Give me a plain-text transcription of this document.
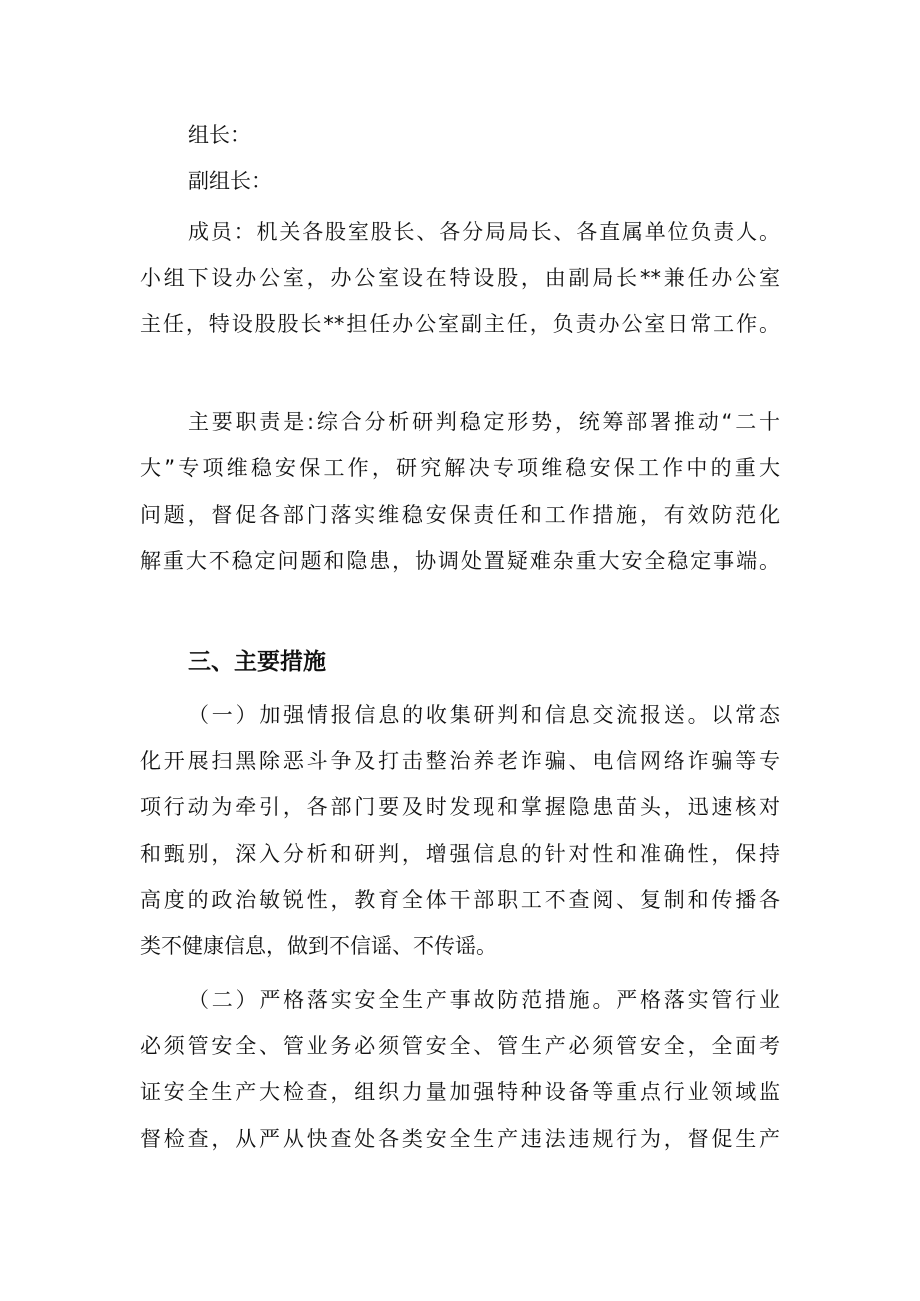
组长：
副组长：
成员：机关各股室股长、各分局局长、各直属单位负责人。
小组下设办公室，办公室设在特设股，由副局长**兼任办公室
主任，特设股股长**担任办公室副主任，负责办公室日常工作。
主要职责是:综合分析研判稳定形势，统筹部署推动“二十
大”专项维稳安保工作，研究解决专项维稳安保工作中的重大
问题，督促各部门落实维稳安保责任和工作措施，有效防范化
解重大不稳定问题和隐患，协调处置疑难杂重大安全稳定事端。
三、主要措施
（一）加强情报信息的收集研判和信息交流报送。以常态
化开展扫黑除恶斗争及打击整治养老诈骗、电信网络诈骗等专
项行动为牵引，各部门要及时发现和掌握隐患苗头，迅速核对
和甄别，深入分析和研判，增强信息的针对性和准确性，保持
高度的政治敏锐性，教育全体干部职工不查阅、复制和传播各
类不健康信息，做到不信谣、不传谣。
（二）严格落实安全生产事故防范措施。严格落实管行业
必须管安全、管业务必须管安全、管生产必须管安全，全面考
证安全生产大检查，组织力量加强特种设备等重点行业领域监
督检查，从严从快查处各类安全生产违法违规行为，督促生产
